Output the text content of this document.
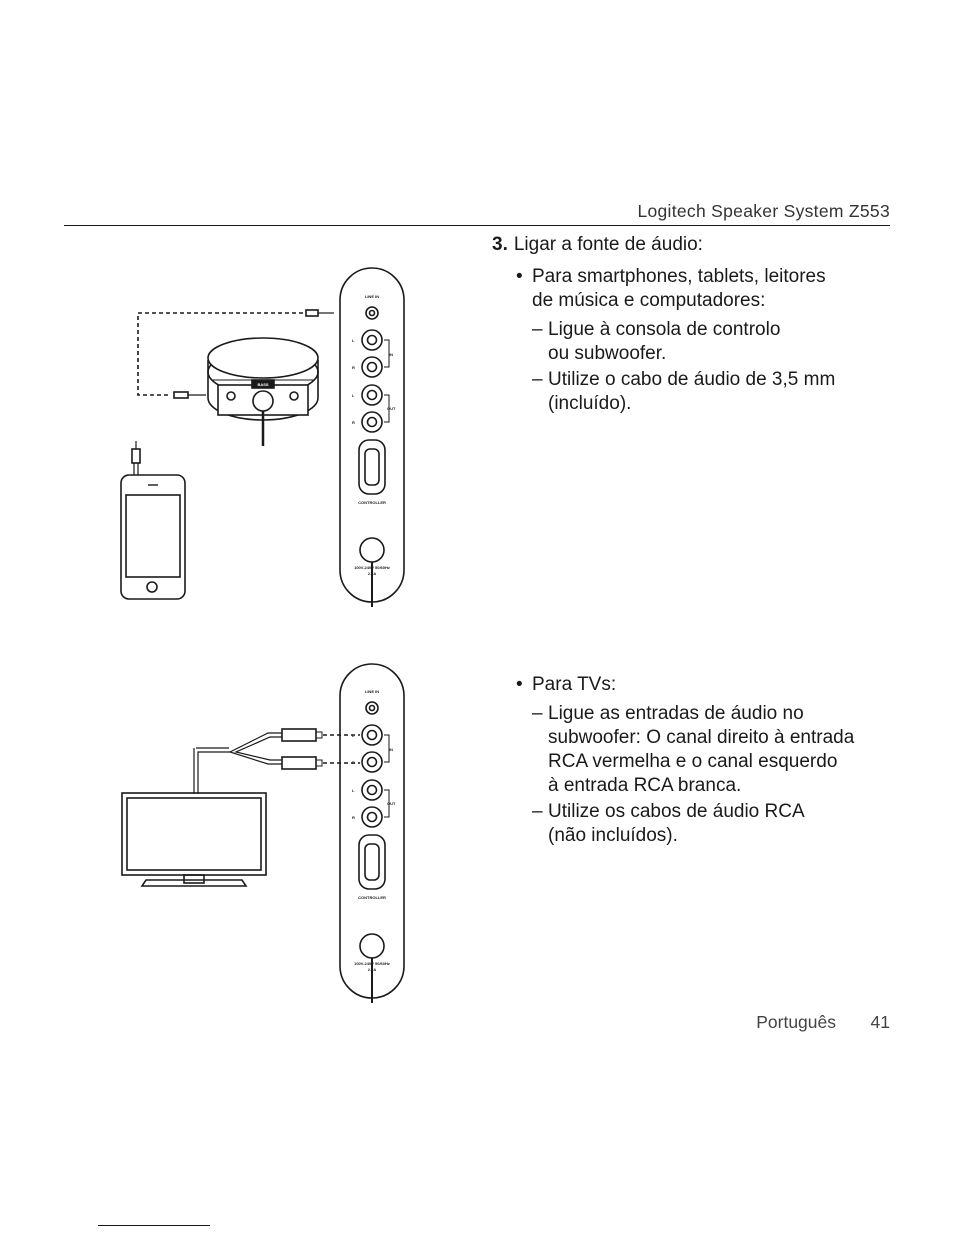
Logitech Speaker System Z553
3. Ligar a fonte de áudio:
• Para smartphones, tablets, leitores
de música e computadores:
– Ligue à consola de controlo
ou subwoofer.
– Utilize o cabo de áudio de 3,5 mm
(incluído).
• Para TVs:
– Ligue as entradas de áudio no
subwoofer: O canal direito à entrada
RCA vermelha e o canal esquerdo
à entrada RCA branca.
– Utilize os cabos de áudio RCA
(não incluídos).
LINE IN
L
R
IN
L
R
OUT
CONTROLLER
100V-240V 50/60Hz
2.0A
BASS
LINE IN
L
R
IN
L
R
OUT
CONTROLLER
100V-240V 50/60Hz
2.0A
Português 41
